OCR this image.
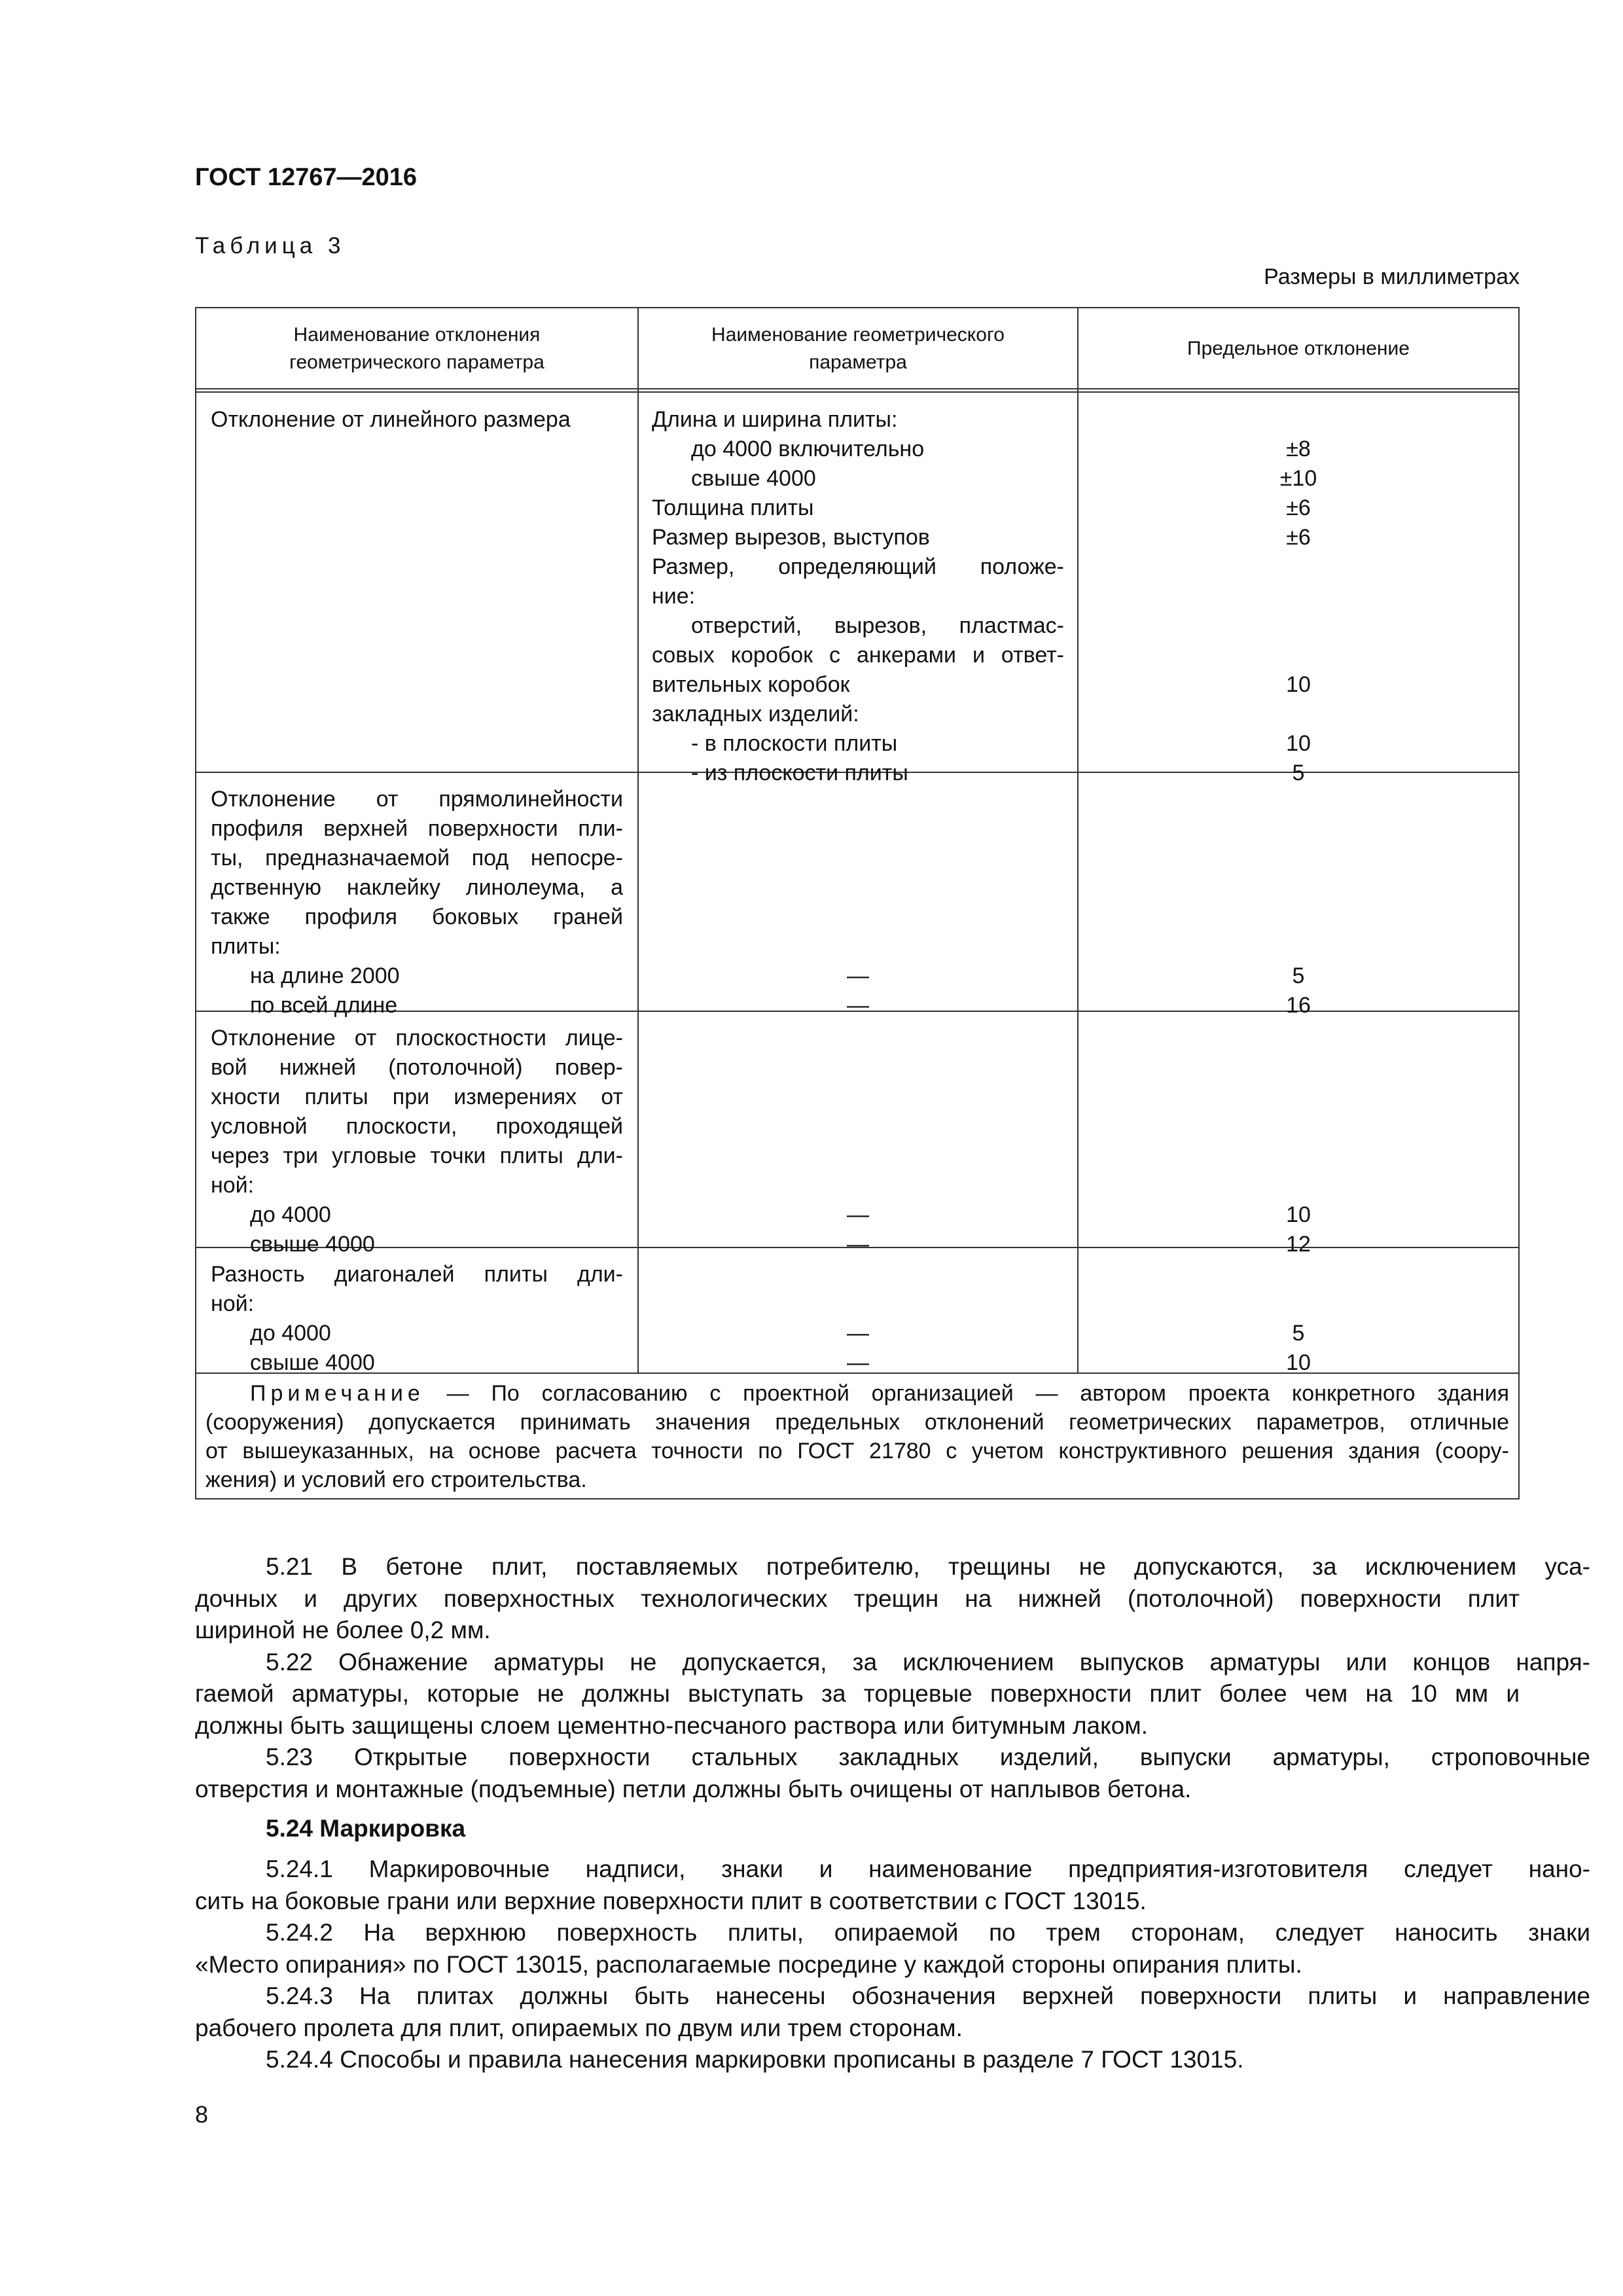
ГОСТ 12767—2016
Таблица 3
Размеры в миллиметрах
Наименование отклонения
геометрического параметра
Наименование геометрического
параметра
Предельное отклонение
Отклонение от линейного размера	Длина и ширина плиты:
до 4000 включительно
свыше 4000
Толщина плиты
Размер вырезов, выступов
Размер, определяющий положе-
ние:
отверстий, вырезов, пластмас-
совых коробок с анкерами и ответ-
вительных коробок
закладных изделий:
- в плоскости плиты
- из плоскости плиты
±8
±10
±6
±6
10
10
5
Отклонение от прямолинейности
профиля верхней поверхности пли-
ты, предназначаемой под непосре-
дственную наклейку линолеума, а
также профиля боковых граней
плиты:
на длине 2000
по всей длине
—
—
5
16
Отклонение от плоскостности лице-
вой нижней (потолочной) повер-
хности плиты при измерениях от
условной плоскости, проходящей
через три угловые точки плиты дли-
ной:
до 4000
свыше 4000
—
—
10
12
Разность диагоналей плиты дли-
ной:
до 4000
свыше 4000
—
—
5
10
Примечание — По согласованию с проектной организацией — автором проекта конкретного здания
(сооружения) допускается принимать значения предельных отклонений геометрических параметров, отличные
от вышеуказанных, на основе расчета точности по ГОСТ 21780 с учетом конструктивного решения здания (соору-
жения) и условий его строительства.
5.21 В бетоне плит, поставляемых потребителю, трещины не допускаются, за исключением уса-
дочных и других поверхностных технологических трещин на нижней (потолочной) поверхности плит
шириной не более 0,2 мм.
5.22 Обнажение арматуры не допускается, за исключением выпусков арматуры или концов напря-
гаемой арматуры, которые не должны выступать за торцевые поверхности плит более чем на 10 мм и
должны быть защищены слоем цементно-песчаного раствора или битумным лаком.
5.23 Открытые поверхности стальных закладных изделий, выпуски арматуры, строповочные
отверстия и монтажные (подъемные) петли должны быть очищены от наплывов бетона.
5.24 Маркировка
5.24.1 Маркировочные надписи, знаки и наименование предприятия-изготовителя следует нано-
сить на боковые грани или верхние поверхности плит в соответствии с ГОСТ 13015.
5.24.2 На верхнюю поверхность плиты, опираемой по трем сторонам, следует наносить знаки
«Место опирания» по ГОСТ 13015, располагаемые посредине у каждой стороны опирания плиты.
5.24.3 На плитах должны быть нанесены обозначения верхней поверхности плиты и направление
рабочего пролета для плит, опираемых по двум или трем сторонам.
5.24.4 Способы и правила нанесения маркировки прописаны в разделе 7 ГОСТ 13015.
8
